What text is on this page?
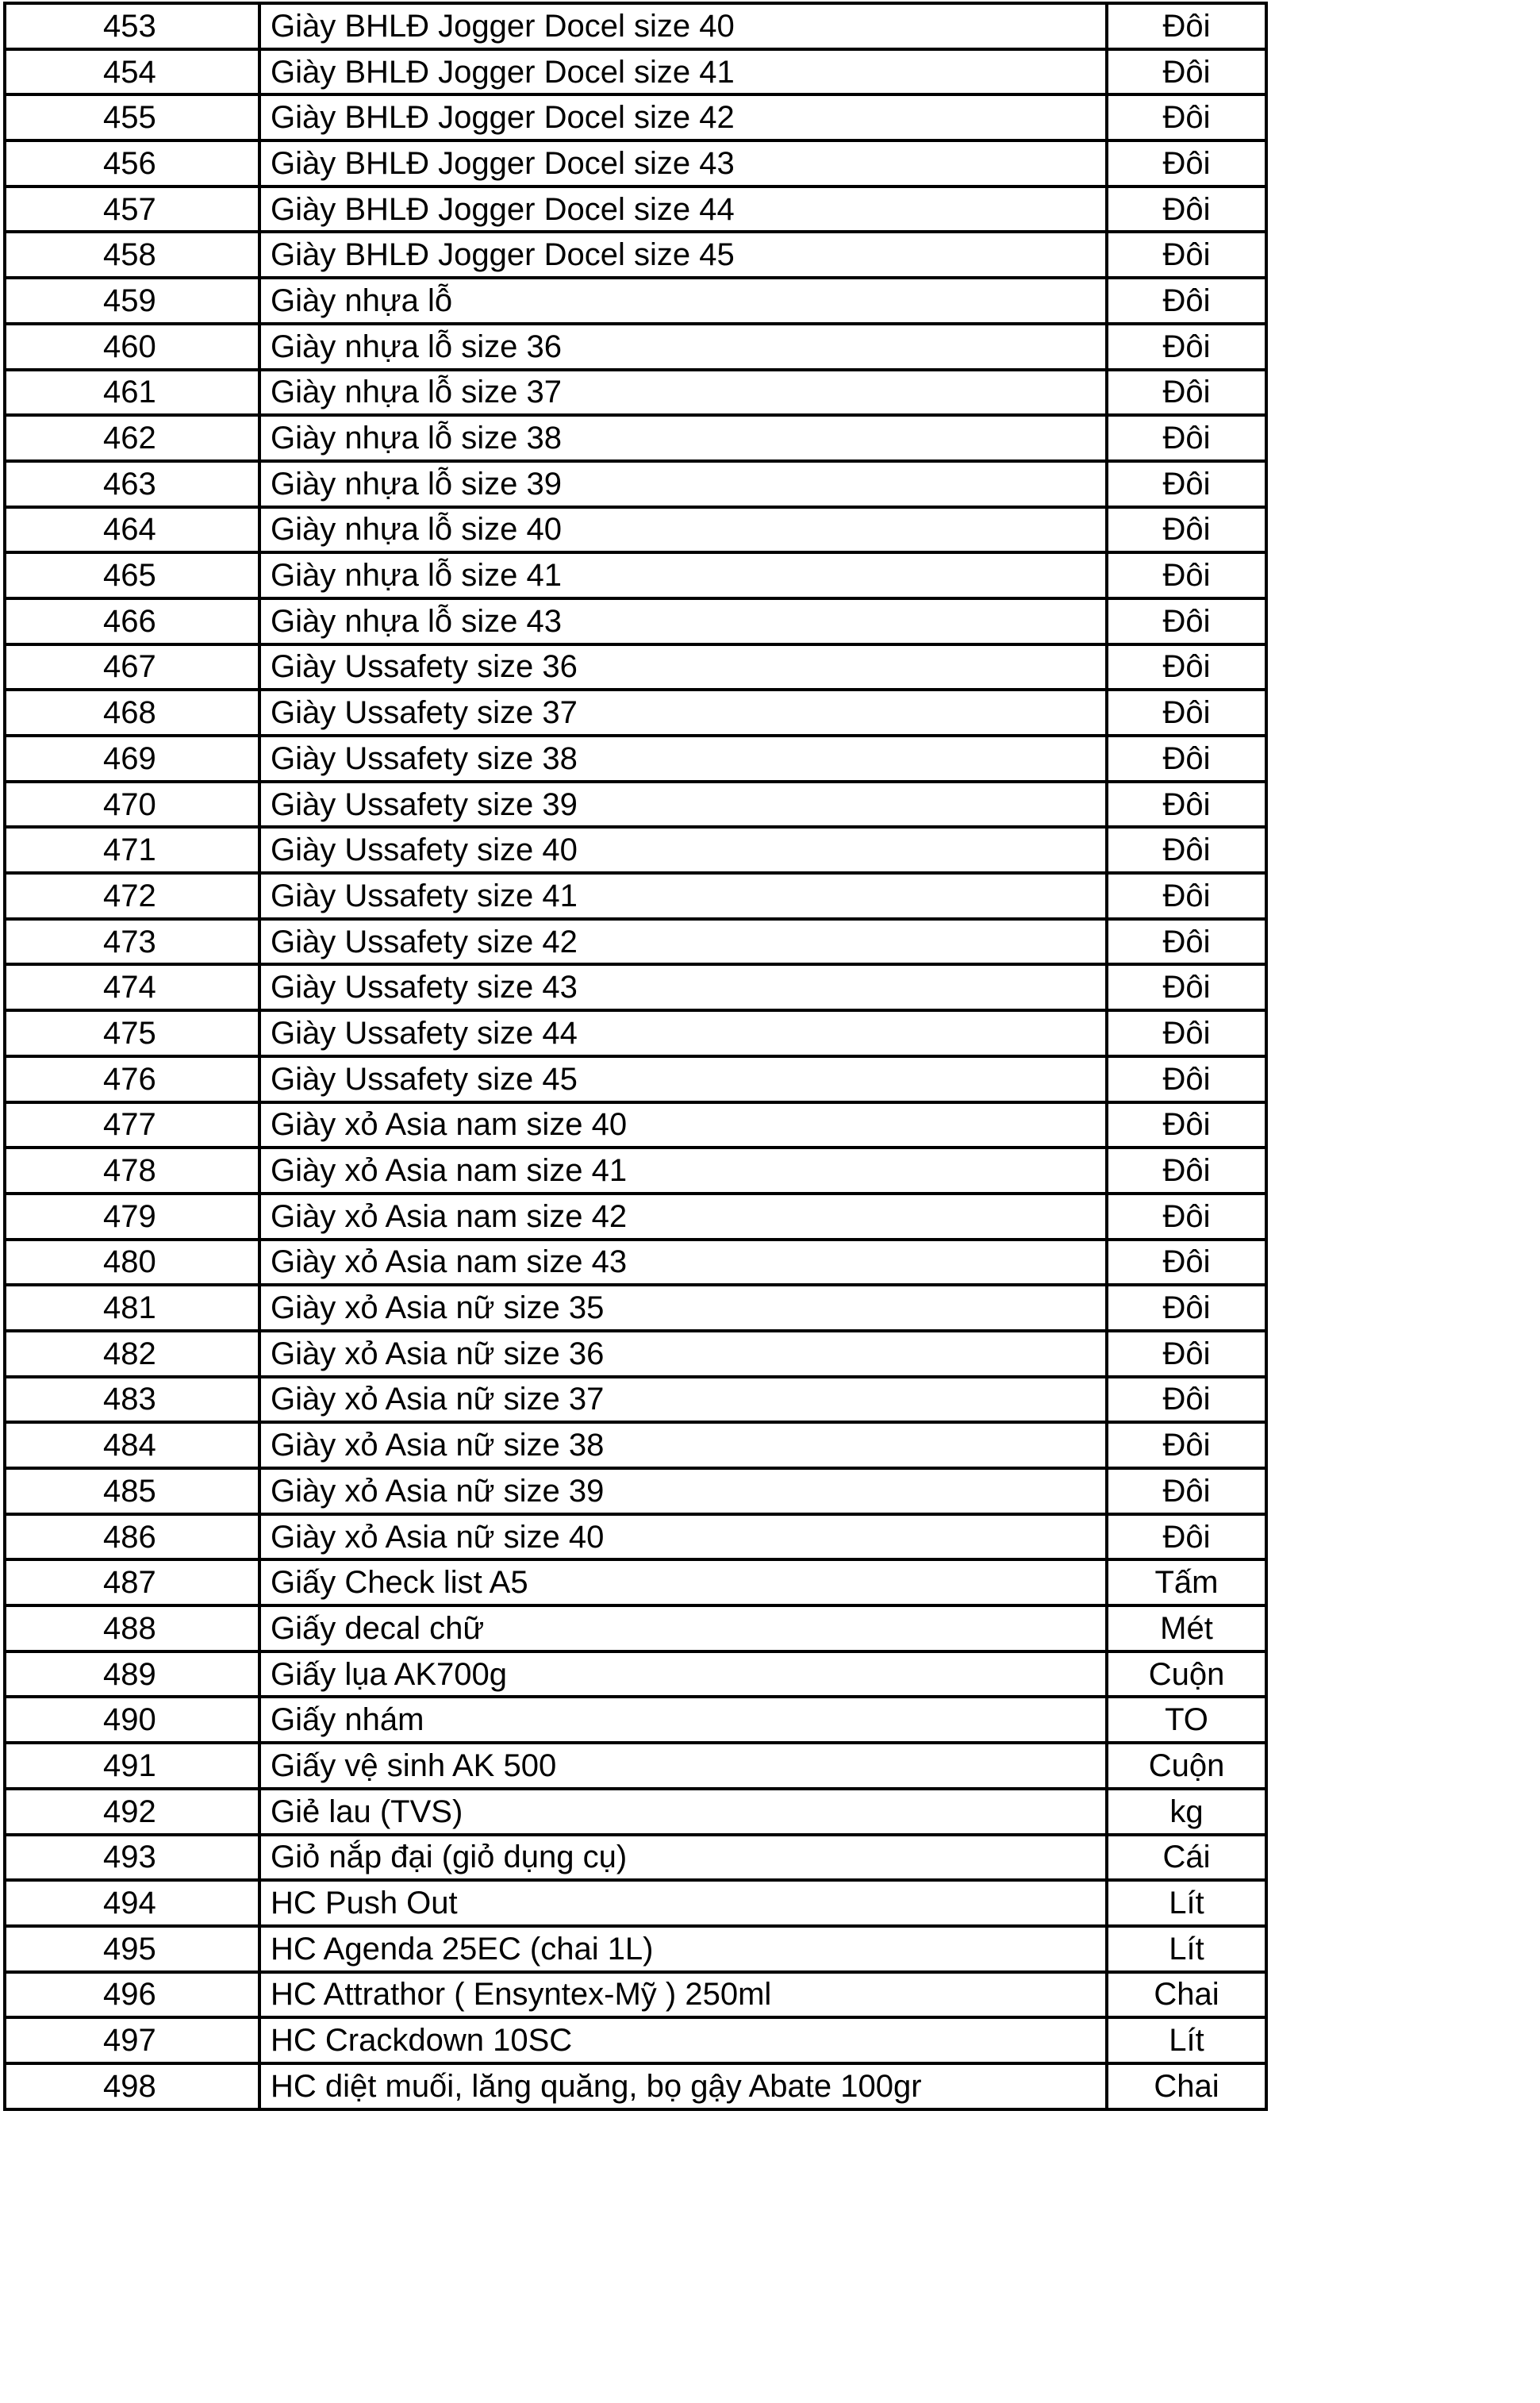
453	Giày BHLĐ Jogger Docel size 40	Đôi
454	Giày BHLĐ Jogger Docel size 41	Đôi
455	Giày BHLĐ Jogger Docel size 42	Đôi
456	Giày BHLĐ Jogger Docel size 43	Đôi
457	Giày BHLĐ Jogger Docel size 44	Đôi
458	Giày BHLĐ Jogger Docel size 45	Đôi
459	Giày nhựa lỗ	Đôi
460	Giày nhựa lỗ size 36	Đôi
461	Giày nhựa lỗ size 37	Đôi
462	Giày nhựa lỗ size 38	Đôi
463	Giày nhựa lỗ size 39	Đôi
464	Giày nhựa lỗ size 40	Đôi
465	Giày nhựa lỗ size 41	Đôi
466	Giày nhựa lỗ size 43	Đôi
467	Giày Ussafety size 36	Đôi
468	Giày Ussafety size 37	Đôi
469	Giày Ussafety size 38	Đôi
470	Giày Ussafety size 39	Đôi
471	Giày Ussafety size 40	Đôi
472	Giày Ussafety size 41	Đôi
473	Giày Ussafety size 42	Đôi
474	Giày Ussafety size 43	Đôi
475	Giày Ussafety size 44	Đôi
476	Giày Ussafety size 45	Đôi
477	Giày xỏ Asia nam size 40	Đôi
478	Giày xỏ Asia nam size 41	Đôi
479	Giày xỏ Asia nam size 42	Đôi
480	Giày xỏ Asia nam size 43	Đôi
481	Giày xỏ Asia nữ size 35	Đôi
482	Giày xỏ Asia nữ size 36	Đôi
483	Giày xỏ Asia nữ size 37	Đôi
484	Giày xỏ Asia nữ size 38	Đôi
485	Giày xỏ Asia nữ size 39	Đôi
486	Giày xỏ Asia nữ size 40	Đôi
487	Giấy Check list A5	Tấm
488	Giấy decal chữ	Mét
489	Giấy lụa AK700g	Cuộn
490	Giấy nhám	TO
491	Giấy vệ sinh AK 500	Cuộn
492	Giẻ lau (TVS)	kg
493	Giỏ nắp đại (giỏ dụng cụ)	Cái
494	HC Push Out	Lít
495	HC Agenda 25EC (chai 1L)	Lít
496	HC Attrathor ( Ensyntex-Mỹ ) 250ml	Chai
497	HC Crackdown 10SC	Lít
498	HC diệt muối, lăng quăng, bọ gậy Abate 100gr	Chai
